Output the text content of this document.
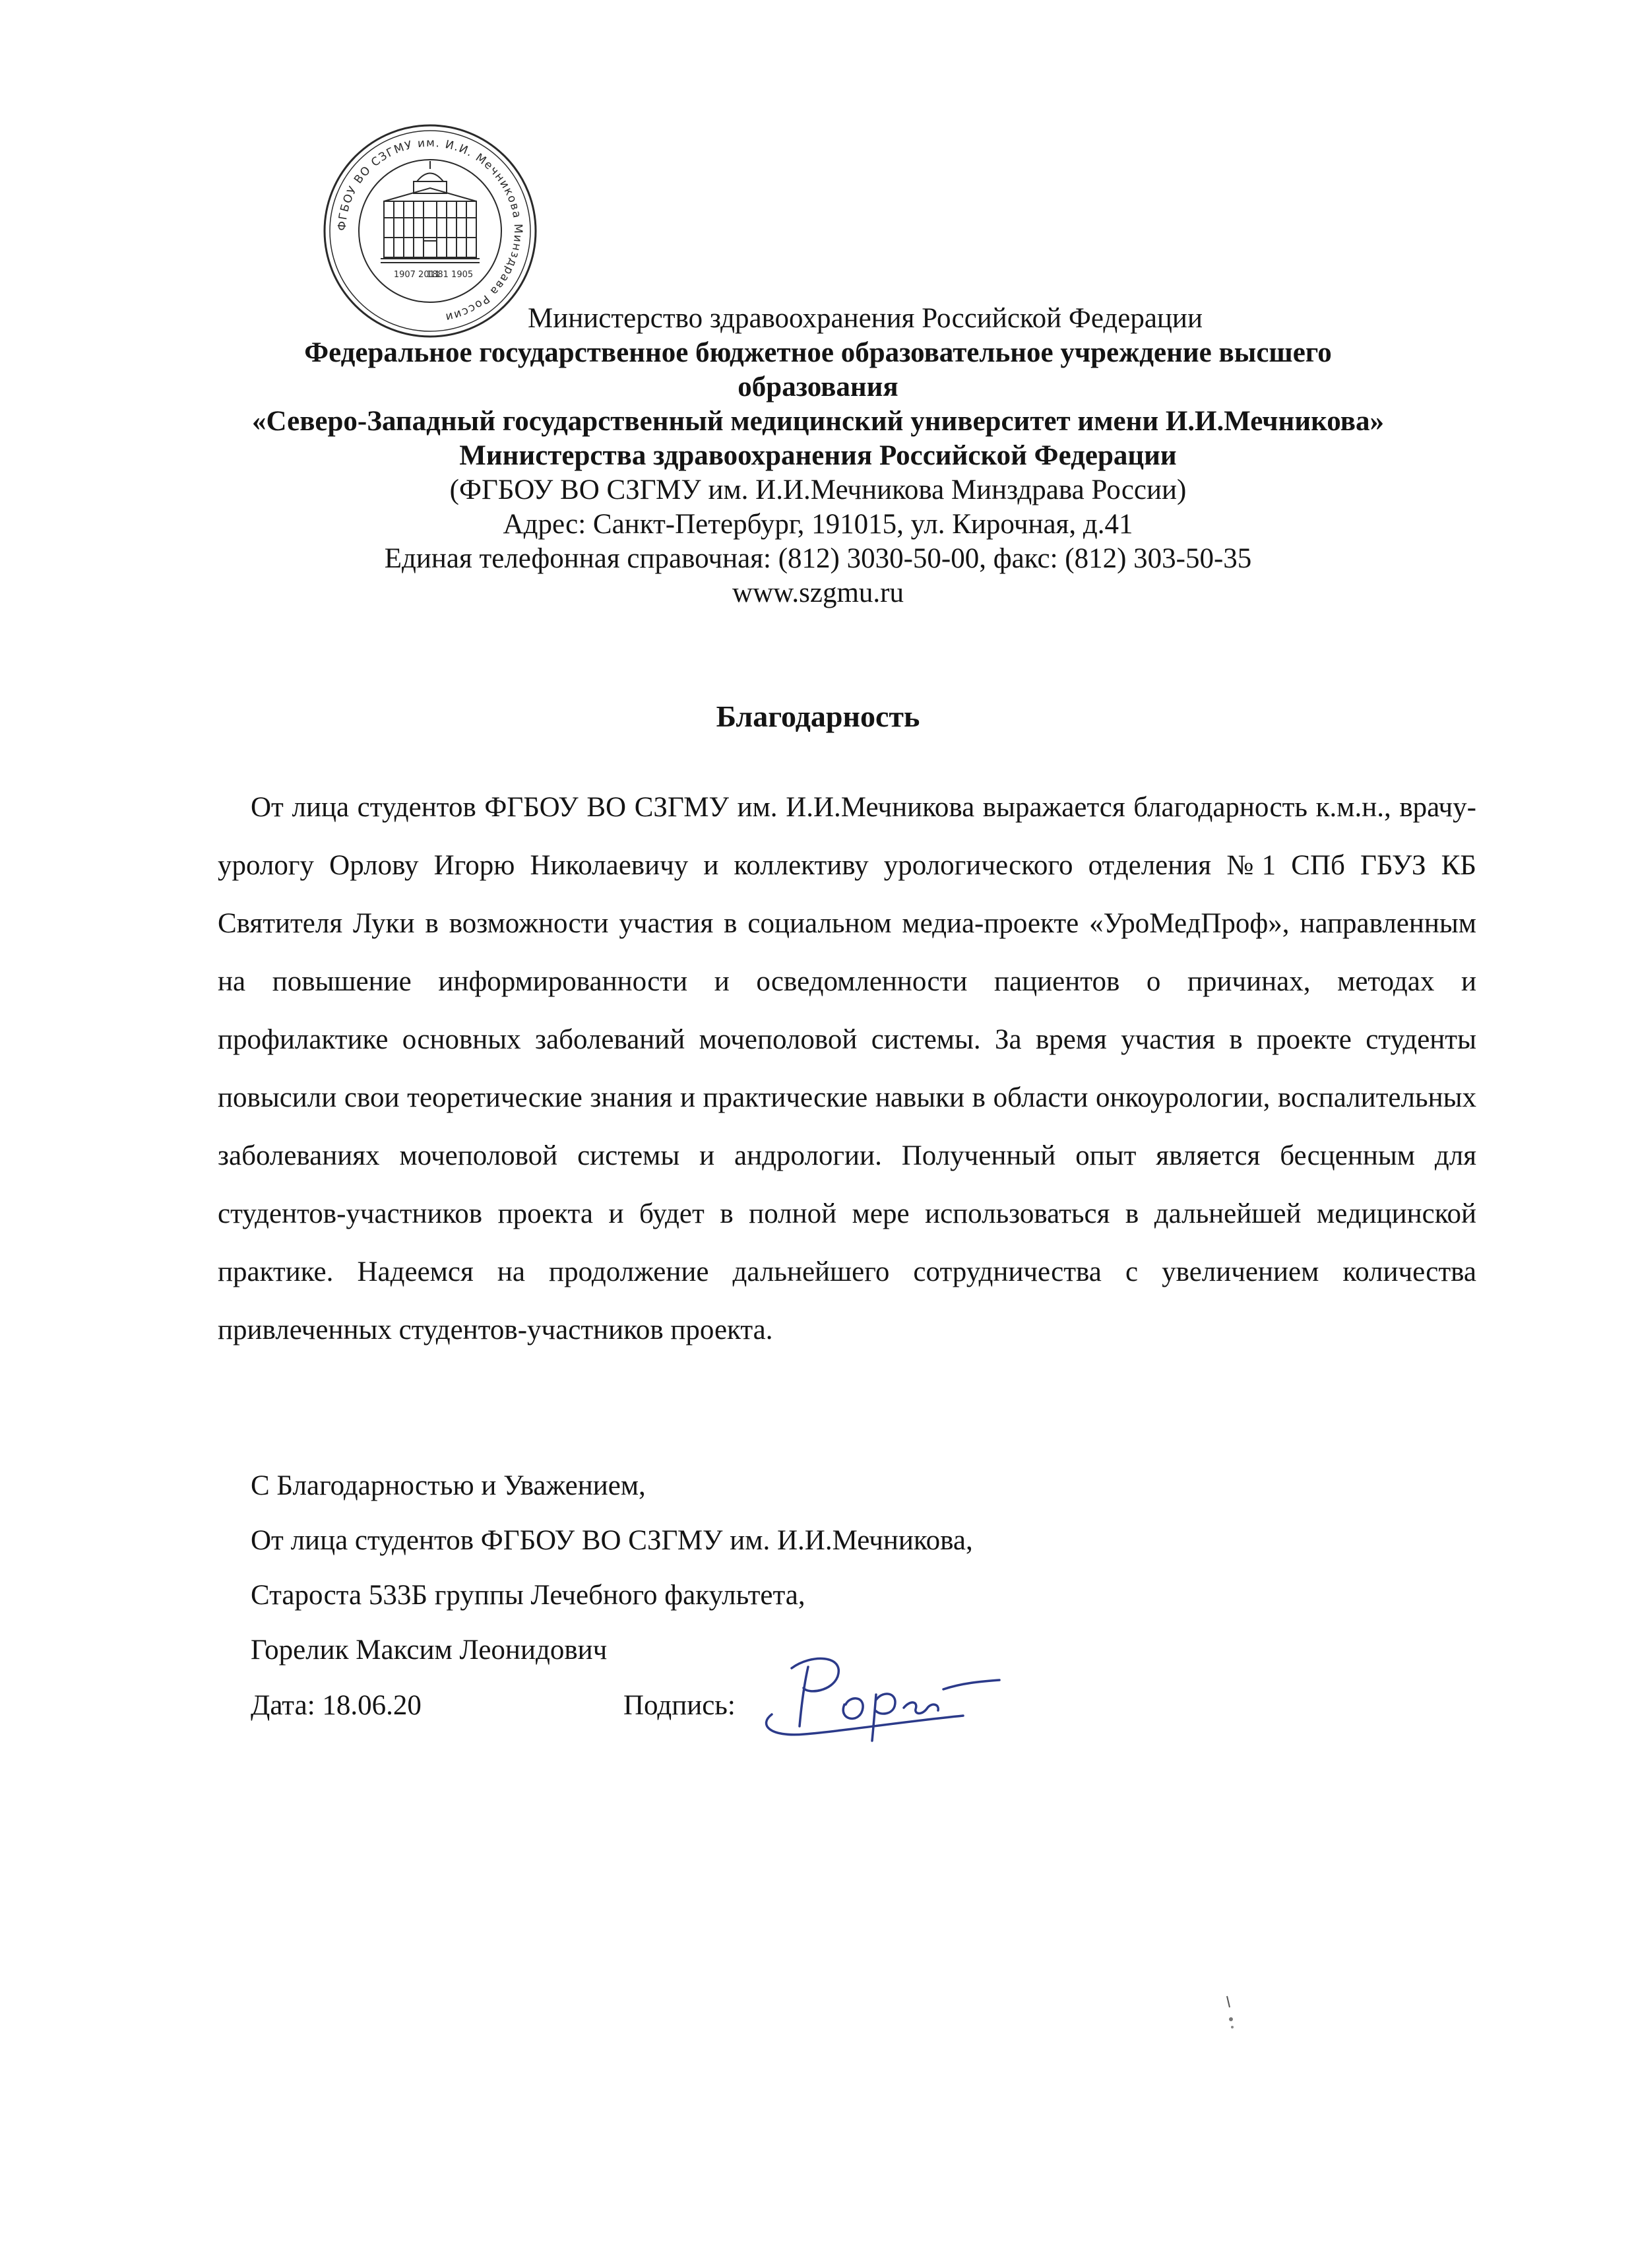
ФГБОУ ВО СЗГМУ им. И.И. Мечникова Минздрава России
1907 2011
1881 1905
Министерство здравоохранения Российской Федерации
Федеральное государственное бюджетное образовательное учреждение высшего
образования
«Северо-Западный государственный медицинский университет имени И.И.Мечникова»
Министерства здравоохранения Российской Федерации
(ФГБОУ ВО СЗГМУ им. И.И.Мечникова Минздрава России)
Адрес: Санкт-Петербург, 191015, ул. Кирочная, д.41
Единая телефонная справочная: (812) 3030-50-00, факс: (812) 303-50-35
www.szgmu.ru
Благодарность
От лица студентов ФГБОУ ВО СЗГМУ им. И.И.Мечникова выражается благодарность к.м.н., врачу-урологу Орлову Игорю Николаевичу и коллективу урологического отделения №1 СПб ГБУЗ КБ Святителя Луки в возможности участия в социальном медиа-проекте «УроМедПроф», направленным на повышение информированности и осведомленности пациентов о причинах, методах и профилактике основных заболеваний мочеполовой системы. За время участия в проекте студенты повысили свои теоретические знания и практические навыки в области онкоурологии, воспалительных заболеваниях мочеполовой системы и андрологии. Полученный опыт является бесценным для студентов-участников проекта и будет в полной мере использоваться в дальнейшей медицинской практике. Надеемся на продолжение дальнейшего сотрудничества с увеличением количества привлеченных студентов-участников проекта.
С Благодарностью и Уважением,
От лица студентов ФГБОУ ВО СЗГМУ им. И.И.Мечникова,
Староста 533Б группы Лечебного факультета,
Горелик Максим Леонидович
Дата: 18.06.20	Подпись:
